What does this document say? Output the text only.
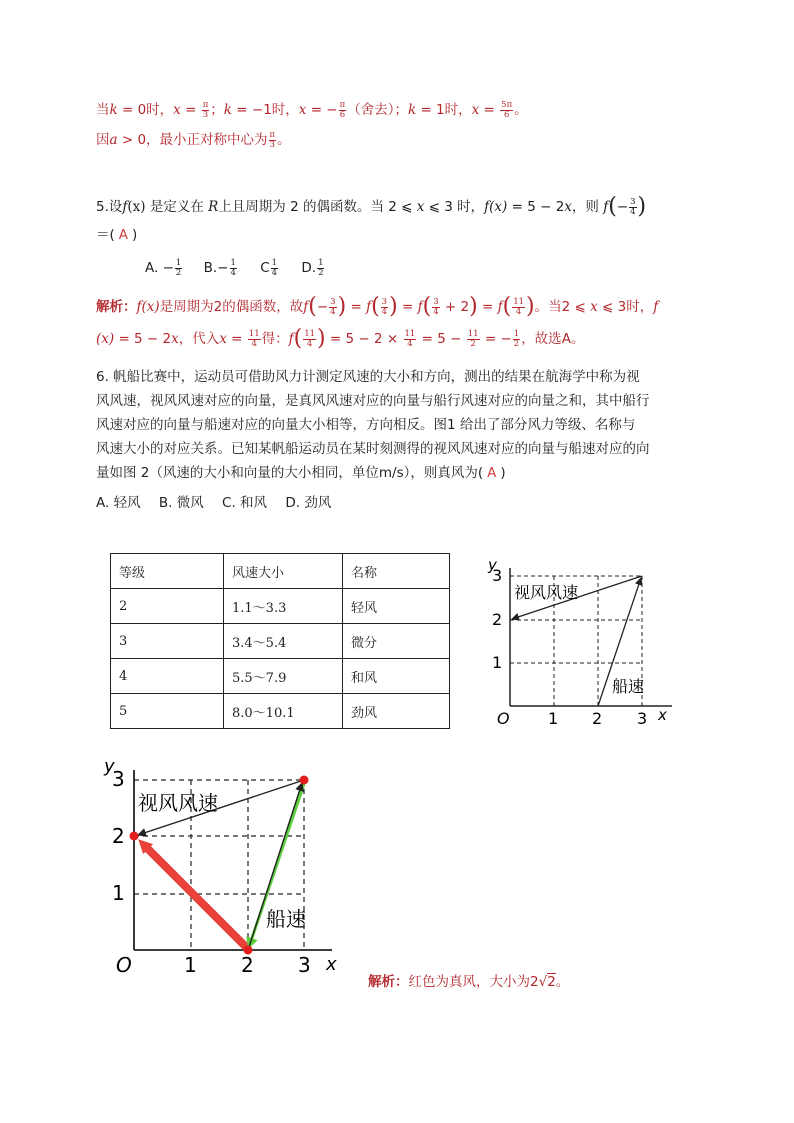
当k = 0时，$x = \frac{\pi}{3}$ ；k = −1时，x = − $\frac{\pi}{6}$ （舍去）；k = 1时，$x = \frac{5\pi}{6}$ 。
因a > 0，最小正对称中心为 $\frac{\pi}{3}$ 。
5.设f(x) 是定义在 R上且周期为 2 的偶函数。当 2 ⩽ x ⩽ 3 时，f(x) = 5 − 2x，则 $f(- \frac{3}{4}$ )
＝( A )
A. − $\frac{1}{2} B.- \frac{1}{4}$ C $\frac{1}{4} D$. $\frac{1}{2}$
解析：f(x)是周期为2的偶函数，故$f(- \frac{3}{4}$ ) = $f( \frac{3}{4}$ ) = $f( \frac{3}{4} + 2) = f( \frac{11}{4}$ )。当2 ⩽ x ⩽ 3时，f
(x) = 5 − 2x，代入$x = \frac{11}{4}$ 得：$f( \frac{11}{4}$ ) = $5 - 2 \times \frac{11}{4} = 5 - \frac{11}{2}$ = − $\frac{1}{2}$ ，故选A。
6. 帆船比赛中，运动员可借助风力计测定风速的大小和方向，测出的结果在航海学中称为视
风风速，视风风速对应的向量，是真风风速对应的向量与船行风速对应的向量之和，其中船行
风速对应的向量与船速对应的向量大小相等，方向相反。图1 给出了部分风力等级、名称与
风速大小的对应关系。已知某帆船运动员在某时刻测得的视风风速对应的向量与船速对应的向
量如图 2（风速的大小和向量的大小相同，单位m/s），则真风为( A )
A. 轻风 B. 微风 C. 和风 D. 劲风
等级	风速大小	名称
2	1.1～3.3	轻风
3	3.4～5.4	微分
4	5.5～7.9	和风
5	8.0～10.1	劲风
y
x
O
3
2
1
1 2 3
视风风速
船速
y
x
O
3
2
1
1 2 3
视风风速
船速
解析：红色为真风，大小为2√2。
